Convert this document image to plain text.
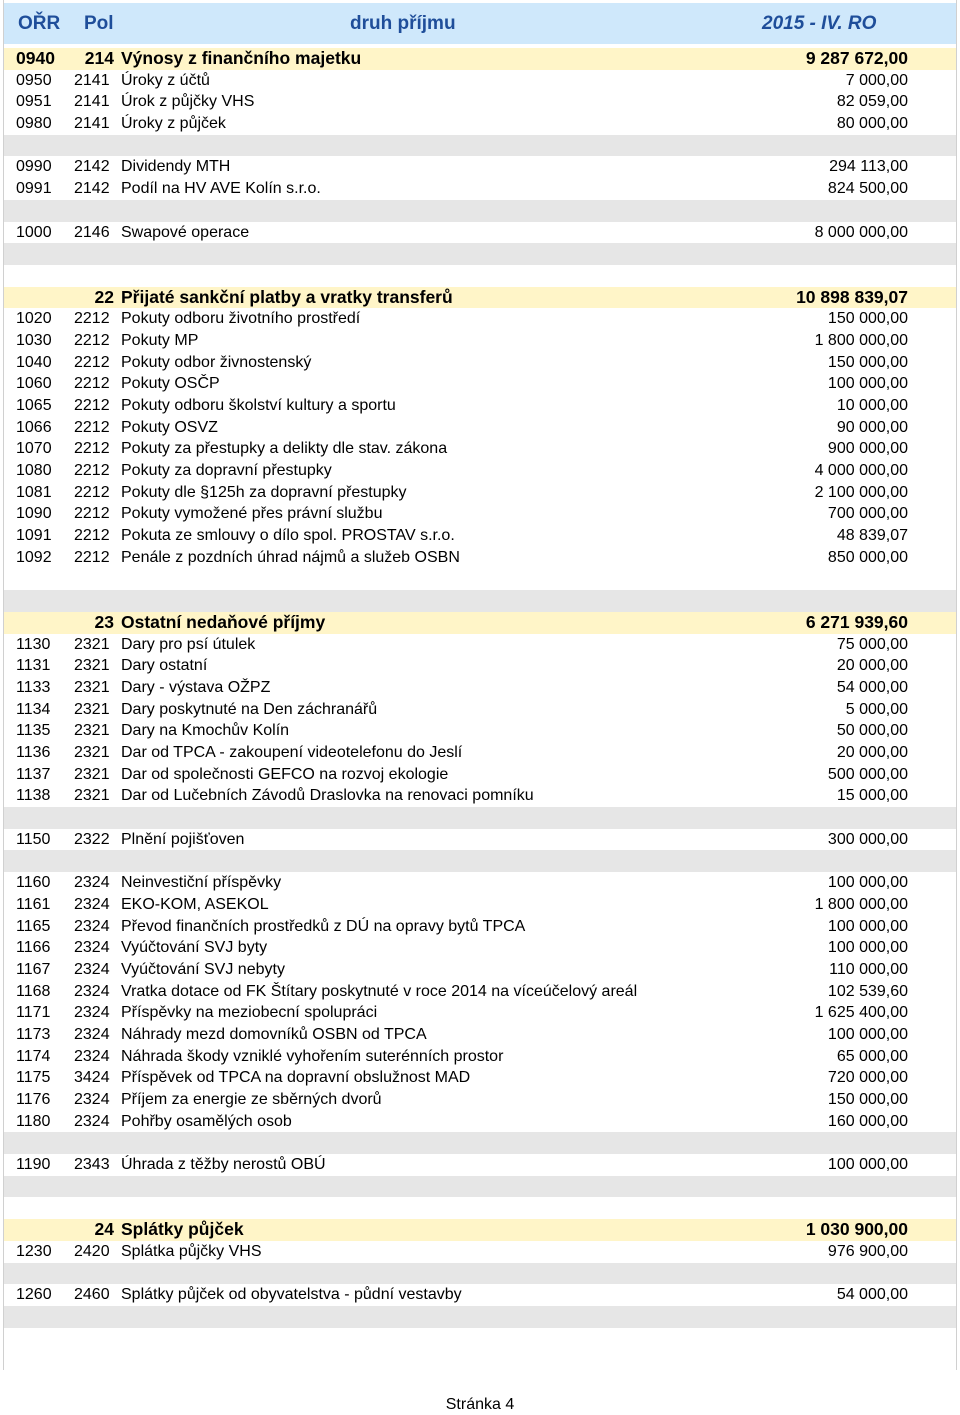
OŘR Pol	druh příjmu	2015 - IV. RO
0940	214 Výnosy z finančního majetku	9 287 672,00
0950	2141 Úroky z účtů	7 000,00
0951	2141 Úrok z půjčky VHS	82 059,00
0980	2141 Úroky z půjček	80 000,00
0990	2142 Dividendy MTH	294 113,00
0991	2142 Podíl na HV AVE Kolín s.r.o.	824 500,00
1000	2146 Swapové operace	8 000 000,00
22 Přijaté sankční platby a vratky transferů	10 898 839,07
1020	2212 Pokuty odboru životního prostředí	150 000,00
1030	2212 Pokuty MP	1 800 000,00
1040	2212 Pokuty odbor živnostenský	150 000,00
1060	2212 Pokuty OSČP	100 000,00
1065	2212 Pokuty odboru školství kultury a sportu	10 000,00
1066	2212 Pokuty OSVZ	90 000,00
1070	2212 Pokuty za přestupky a delikty dle stav. zákona	900 000,00
1080	2212 Pokuty za dopravní přestupky	4 000 000,00
1081	2212 Pokuty dle §125h za dopravní přestupky	2 100 000,00
1090	2212 Pokuty vymožené přes právní službu	700 000,00
1091	2212 Pokuta ze smlouvy o dílo spol. PROSTAV s.r.o.	48 839,07
1092	2212 Penále z pozdních úhrad nájmů a služeb OSBN	850 000,00
23 Ostatní nedaňové příjmy	6 271 939,60
1130	2321 Dary pro psí útulek	75 000,00
1131	2321 Dary ostatní	20 000,00
1133	2321 Dary - výstava OŽPZ	54 000,00
1134	2321 Dary poskytnuté na Den záchranářů	5 000,00
1135	2321 Dary na Kmochův Kolín	50 000,00
1136	2321 Dar od TPCA - zakoupení videotelefonu do Jeslí	20 000,00
1137	2321 Dar od společnosti GEFCO na rozvoj ekologie	500 000,00
1138	2321 Dar od Lučebních Závodů Draslovka na renovaci pomníku	15 000,00
1150	2322 Plnění pojišťoven	300 000,00
1160	2324 Neinvestiční příspěvky	100 000,00
1161	2324 EKO-KOM, ASEKOL	1 800 000,00
1165	2324 Převod finančních prostředků z DÚ na opravy bytů TPCA	100 000,00
1166	2324 Vyúčtování SVJ byty	100 000,00
1167	2324 Vyúčtování SVJ nebyty	110 000,00
1168	2324 Vratka dotace od FK Štítary poskytnuté v roce 2014 na víceúčelový areál	102 539,60
1171	2324 Příspěvky na meziobecní spolupráci	1 625 400,00
1173	2324 Náhrady mezd domovníků OSBN od TPCA	100 000,00
1174	2324 Náhrada škody vzniklé vyhořením suterénních prostor	65 000,00
1175	3424 Příspěvek od TPCA na dopravní obslužnost MAD	720 000,00
1176	2324 Příjem za energie ze sběrných dvorů	150 000,00
1180	2324 Pohřby osamělých osob	160 000,00
1190	2343 Úhrada z těžby nerostů OBÚ	100 000,00
24 Splátky půjček	1 030 900,00
1230	2420 Splátka půjčky VHS	976 900,00
1260	2460 Splátky půjček od obyvatelstva - půdní vestavby	54 000,00
Stránka 4
